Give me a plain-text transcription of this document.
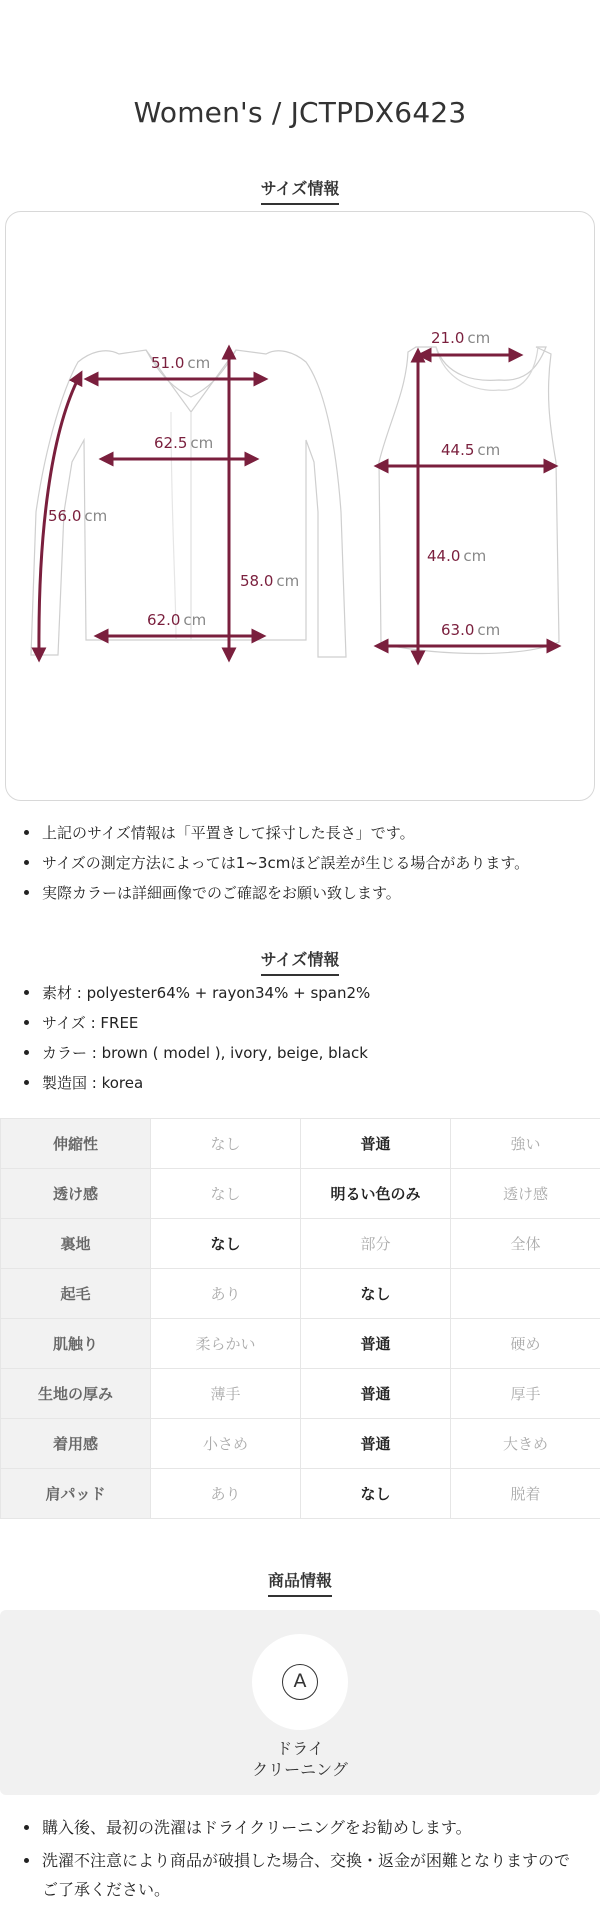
Women's / JCTPDX6423
サイズ情報
51.0 cm
62.5 cm
56.0 cm
58.0 cm
62.0 cm
21.0 cm
44.5 cm
44.0 cm
63.0 cm
上記のサイズ情報は「平置きして採寸した長さ」です。
サイズの測定方法によっては1~3cmほど誤差が生じる場合があります。
実際カラーは詳細画像でのご確認をお願い致します。
サイズ情報
素材 : polyester64% + rayon34% + span2%
サイズ : FREE
カラー : brown ( model ), ivory, beige, black
製造国 : korea
伸縮性	なし	普通	強い
透け感	なし	明るい色のみ	透け感
裏地	なし	部分	全体
起毛	あり	なし	
肌触り	柔らかい	普通	硬め
生地の厚み	薄手	普通	厚手
着用感	小さめ	普通	大きめ
肩パッド	あり	なし	脱着
商品情報
A
ドライ
クリーニング
購入後、最初の洗濯はドライクリーニングをお勧めします。
洗濯不注意により商品が破損した場合、交換・返金が困難となりますのでご了承ください。
